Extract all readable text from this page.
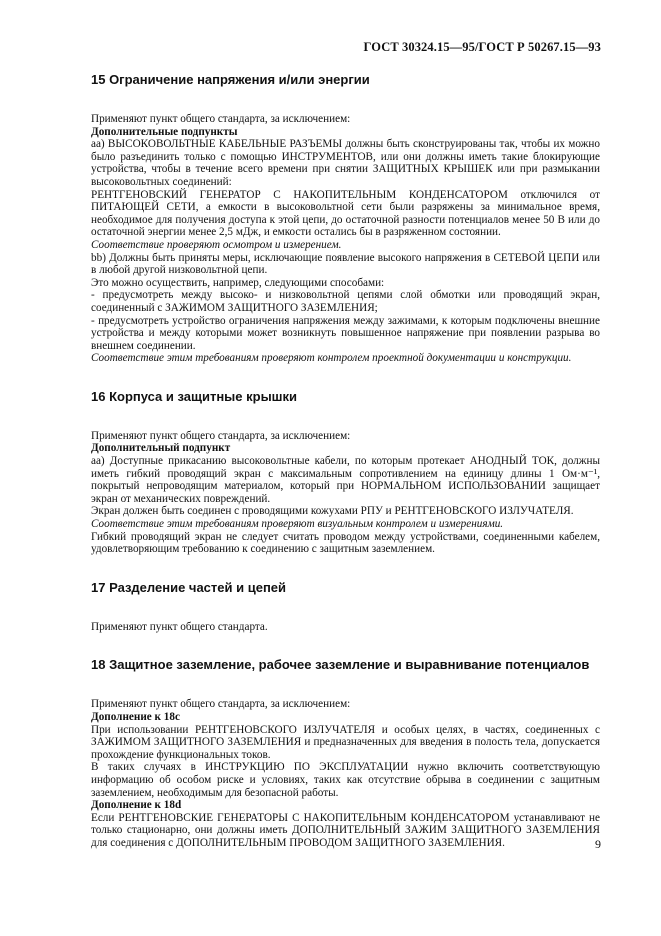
ГОСТ 30324.15—95/ГОСТ Р 50267.15—93
15 Ограничение напряжения и/или энергии

Применяют пункт общего стандарта, за исключением:

Дополнительные подпункты

аа) ВЫСОКОВОЛЬТНЫЕ КАБЕЛЬНЫЕ РАЗЪЕМЫ должны быть сконструированы так, чтобы их можно было разъединить только с помощью ИНСТРУМЕНТОВ, или они должны иметь такие блокирующие устройства, чтобы в течение всего времени при снятии ЗАЩИТНЫХ КРЫШЕК или при размыкании высоковольтных соединений:

РЕНТГЕНОВСКИЙ ГЕНЕРАТОР С НАКОПИТЕЛЬНЫМ КОНДЕНСАТОРОМ отключился от ПИТАЮЩЕЙ СЕТИ, а емкости в высоковольтной сети были разряжены за минимальное время, необходимое для получения доступа к этой цепи, до остаточной разности потенциалов менее 50 В или до остаточной энергии менее 2,5 мДж, и емкости остались бы в разряженном состоянии.

Соответствие проверяют осмотром и измерением.

bb) Должны быть приняты меры, исключающие появление высокого напряжения в СЕТЕВОЙ ЦЕПИ или в любой другой низковольтной цепи.

Это можно осуществить, например, следующими способами:

- предусмотреть между высоко- и низковольтной цепями слой обмотки или проводящий экран, соединенный с ЗАЖИМОМ ЗАЩИТНОГО ЗАЗЕМЛЕНИЯ;

- предусмотреть устройство ограничения напряжения между зажимами, к которым подключены внешние устройства и между которыми может возникнуть повышенное напряжение при появлении разрыва во внешнем соединении.

Соответствие этим требованиям проверяют контролем проектной документации и конструкции.

16 Корпуса и защитные крышки

Применяют пункт общего стандарта, за исключением:

Дополнительный подпункт

аа) Доступные прикасанию высоковольтные кабели, по которым протекает АНОДНЫЙ ТОК, должны иметь гибкий проводящий экран с максимальным сопротивлением на единицу длины 1 Ом·м⁻¹, покрытый непроводящим материалом, который при НОРМАЛЬНОМ ИСПОЛЬЗОВАНИИ защищает экран от механических повреждений.

Экран должен быть соединен с проводящими кожухами РПУ и РЕНТГЕНОВСКОГО ИЗЛУЧАТЕЛЯ.

Соответствие этим требованиям проверяют визуальным контролем и измерениями.

Гибкий проводящий экран не следует считать проводом между устройствами, соединенными кабелем, удовлетворяющим требованию к соединению с защитным заземлением.

17 Разделение частей и цепей

Применяют пункт общего стандарта.

18 Защитное заземление, рабочее заземление и выравнивание потенциалов

Применяют пункт общего стандарта, за исключением:

Дополнение к 18с

При использовании РЕНТГЕНОВСКОГО ИЗЛУЧАТЕЛЯ и особых целях, в частях, соединенных с ЗАЖИМОМ ЗАЩИТНОГО ЗАЗЕМЛЕНИЯ и предназначенных для введения в полость тела, допускается прохождение функциональных токов.

В таких случаях в ИНСТРУКЦИЮ ПО ЭКСПЛУАТАЦИИ нужно включить соответствующую информацию об особом риске и условиях, таких как отсутствие обрыва в соединении с защитным заземлением, необходимым для безопасной работы.

Дополнение к 18d

Если РЕНТГЕНОВСКИЕ ГЕНЕРАТОРЫ С НАКОПИТЕЛЬНЫМ КОНДЕНСАТОРОМ устанавливают не только стационарно, они должны иметь ДОПОЛНИТЕЛЬНЫЙ ЗАЖИМ ЗАЩИТНОГО ЗАЗЕМЛЕНИЯ для соединения с ДОПОЛНИТЕЛЬНЫМ ПРОВОДОМ ЗАЩИТНОГО ЗАЗЕМЛЕНИЯ.	9
